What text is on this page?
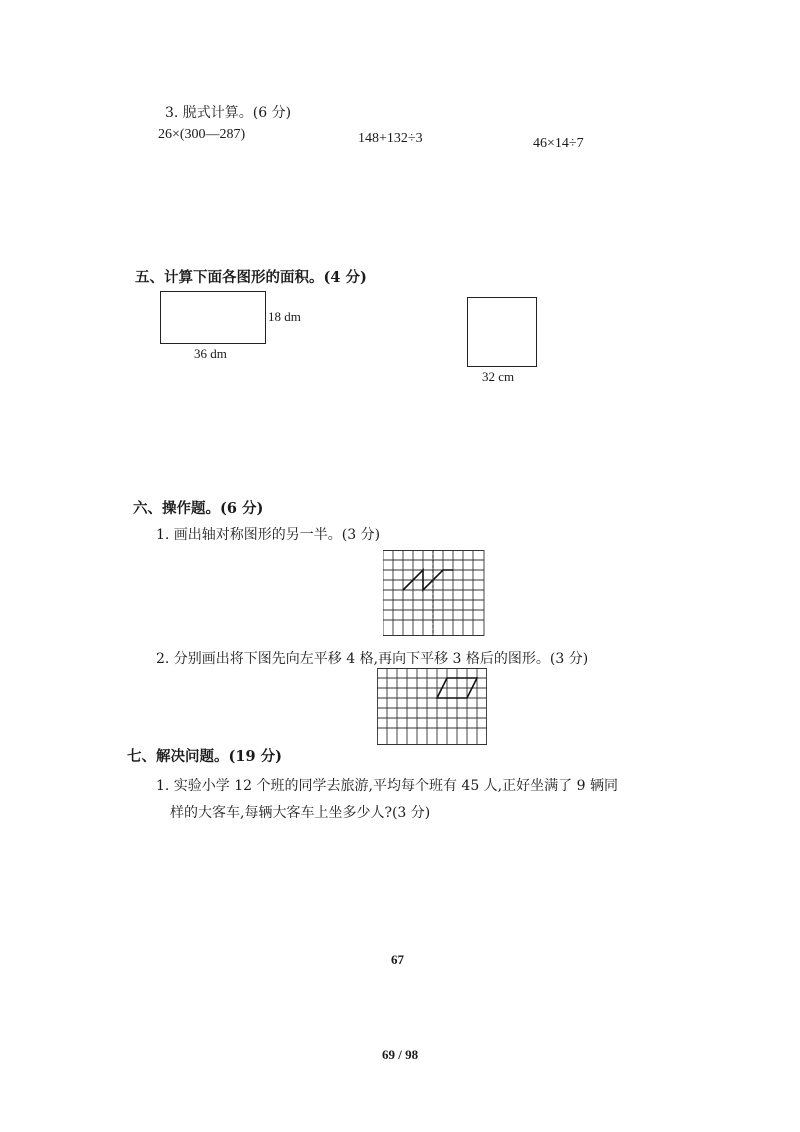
3. 脱式计算。(6 分)
26×(300—287)	148+132÷3	46×14÷7
五、计算下面各图形的面积。(4 分)
18 dm
36 dm
32 cm
六、操作题。(6 分)
1. 画出轴对称图形的另一半。(3 分)
2. 分别画出将下图先向左平移 4 格,再向下平移 3 格后的图形。(3 分)
七、解决问题。(19 分)
1. 实验小学 12 个班的同学去旅游,平均每个班有 45 人,正好坐满了 9 辆同
样的大客车,每辆大客车上坐多少人?(3 分)
67
69 / 98
